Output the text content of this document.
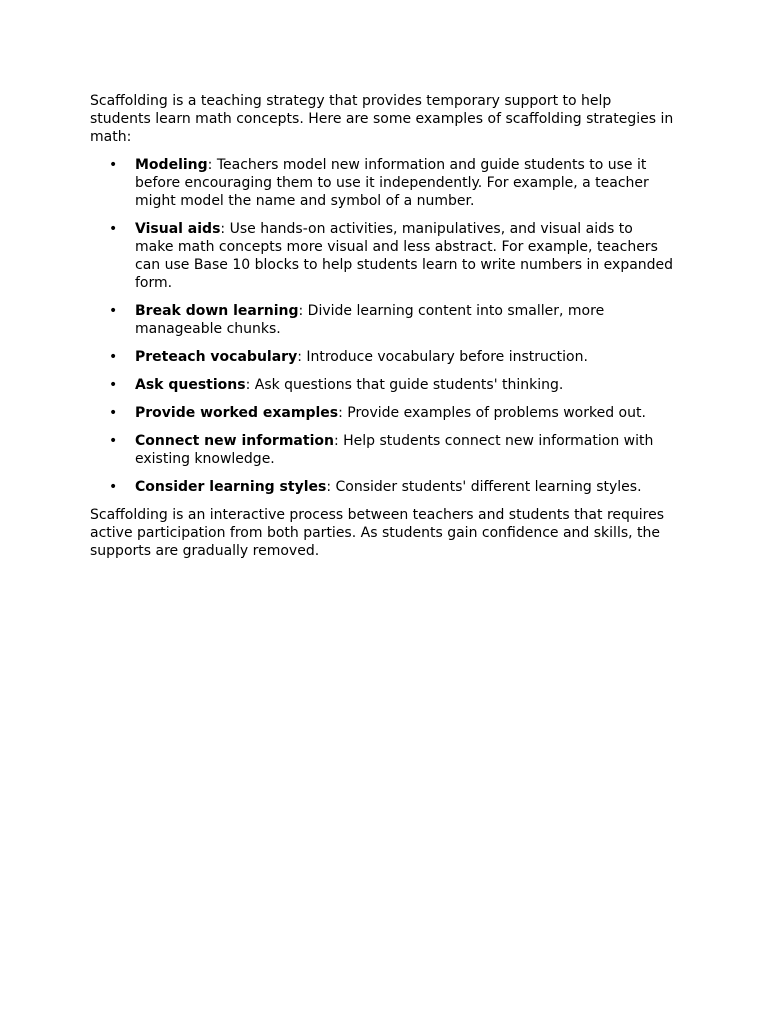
Scaffolding is a teaching strategy that provides temporary support to help students learn math concepts. Here are some examples of scaffolding strategies in math:

• Modeling: Teachers model new information and guide students to use it before encouraging them to use it independently. For example, a teacher might model the name and symbol of a number.
• Visual aids: Use hands-on activities, manipulatives, and visual aids to make math concepts more visual and less abstract. For example, teachers can use Base 10 blocks to help students learn to write numbers in expanded form.
• Break down learning: Divide learning content into smaller, more manageable chunks.
• Preteach vocabulary: Introduce vocabulary before instruction.
• Ask questions: Ask questions that guide students' thinking.
• Provide worked examples: Provide examples of problems worked out.
• Connect new information: Help students connect new information with existing knowledge.
• Consider learning styles: Consider students' different learning styles.

Scaffolding is an interactive process between teachers and students that requires active participation from both parties. As students gain confidence and skills, the supports are gradually removed.
